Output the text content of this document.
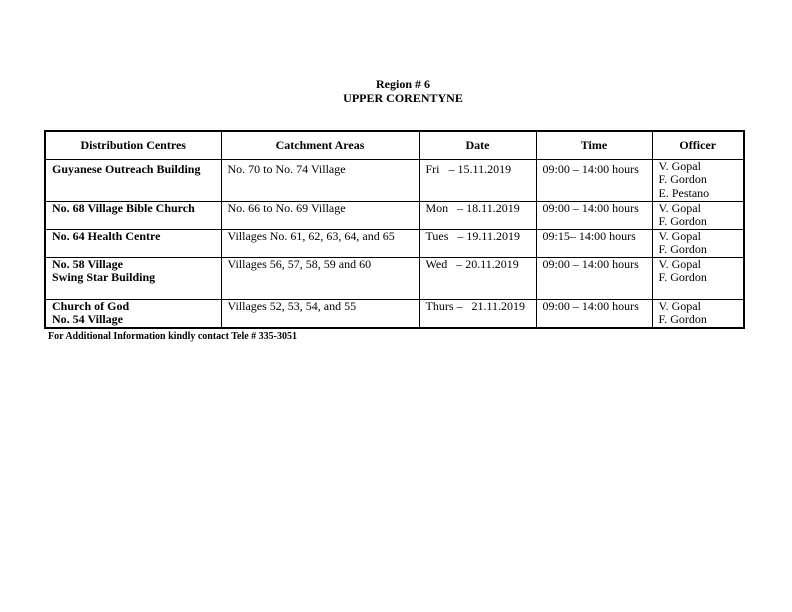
Region # 6
UPPER CORENTYNE
Distribution Centres	Catchment Areas	Date	Time	Officer

Guyanese Outreach Building	No. 70 to No. 74 Village	Fri – 15.11.2019	09:00 – 14:00 hours	V. Gopal
F. Gordon
E. Pestano

No. 68 Village Bible Church	No. 66 to No. 69 Village	Mon – 18.11.2019	09:00 – 14:00 hours	V. Gopal
F. Gordon

No. 64 Health Centre	Villages No. 61, 62, 63, 64, and 65	Tues – 19.11.2019	09:15– 14:00 hours	V. Gopal
F. Gordon

No. 58 Village
Swing Star Building	Villages 56, 57, 58, 59 and 60	Wed – 20.11.2019	09:00 – 14:00 hours	V. Gopal
F. Gordon

Church of God
No. 54 Village	Villages 52, 53, 54, and 55	Thurs – 21.11.2019	09:00 – 14:00 hours	V. Gopal
F. Gordon
For Additional Information kindly contact Tele # 335-3051
